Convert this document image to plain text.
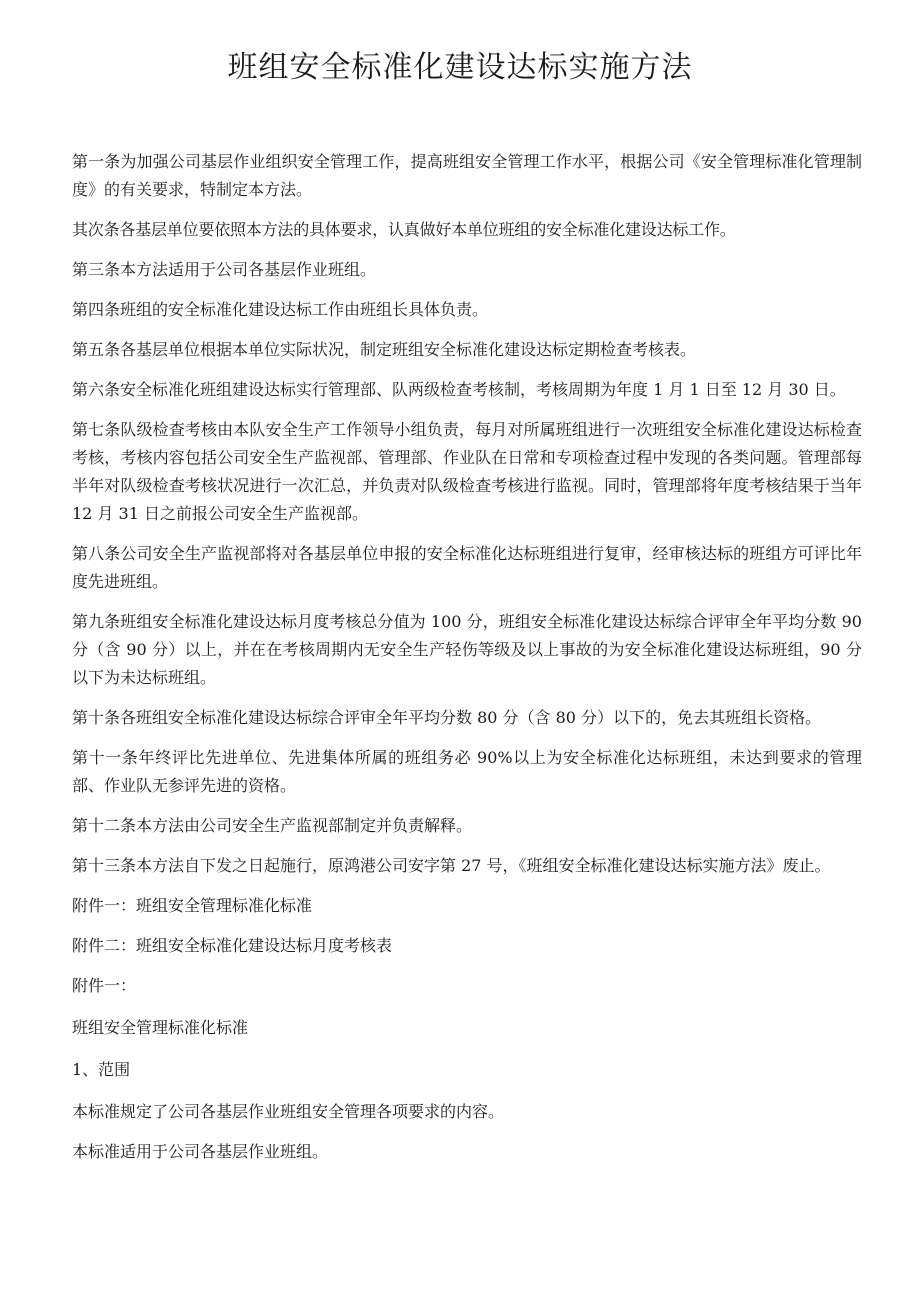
班组安全标准化建设达标实施方法

第一条为加强公司基层作业组织安全管理工作，提高班组安全管理工作水平，根据公司《安全管理标准化管理制度》的有关要求，特制定本方法。

其次条各基层单位要依照本方法的具体要求，认真做好本单位班组的安全标准化建设达标工作。

第三条本方法适用于公司各基层作业班组。

第四条班组的安全标准化建设达标工作由班组长具体负责。

第五条各基层单位根据本单位实际状况，制定班组安全标准化建设达标定期检查考核表。

第六条安全标准化班组建设达标实行管理部、队两级检查考核制，考核周期为年度 1 月 1 日至 12 月 30 日。

第七条队级检查考核由本队安全生产工作领导小组负责，每月对所属班组进行一次班组安全标准化建设达标检查考核，考核内容包括公司安全生产监视部、管理部、作业队在日常和专项检查过程中发现的各类问题。管理部每半年对队级检查考核状况进行一次汇总，并负责对队级检查考核进行监视。同时，管理部将年度考核结果于当年 12 月 31 日之前报公司安全生产监视部。

第八条公司安全生产监视部将对各基层单位申报的安全标准化达标班组进行复审，经审核达标的班组方可评比年度先进班组。

第九条班组安全标准化建设达标月度考核总分值为 100 分，班组安全标准化建设达标综合评审全年平均分数 90 分（含 90 分）以上，并在在考核周期内无安全生产轻伤等级及以上事故的为安全标准化建设达标班组，90 分以下为未达标班组。

第十条各班组安全标准化建设达标综合评审全年平均分数 80 分（含 80 分）以下的，免去其班组长资格。

第十一条年终评比先进单位、先进集体所属的班组务必 90%以上为安全标准化达标班组，未达到要求的管理部、作业队无参评先进的资格。

第十二条本方法由公司安全生产监视部制定并负责解释。

第十三条本方法自下发之日起施行，原鸿港公司安字第 27 号，《班组安全标准化建设达标实施方法》废止。

附件一：班组安全管理标准化标准

附件二：班组安全标准化建设达标月度考核表

附件一：

班组安全管理标准化标准

1、范围

本标准规定了公司各基层作业班组安全管理各项要求的内容。

本标准适用于公司各基层作业班组。
